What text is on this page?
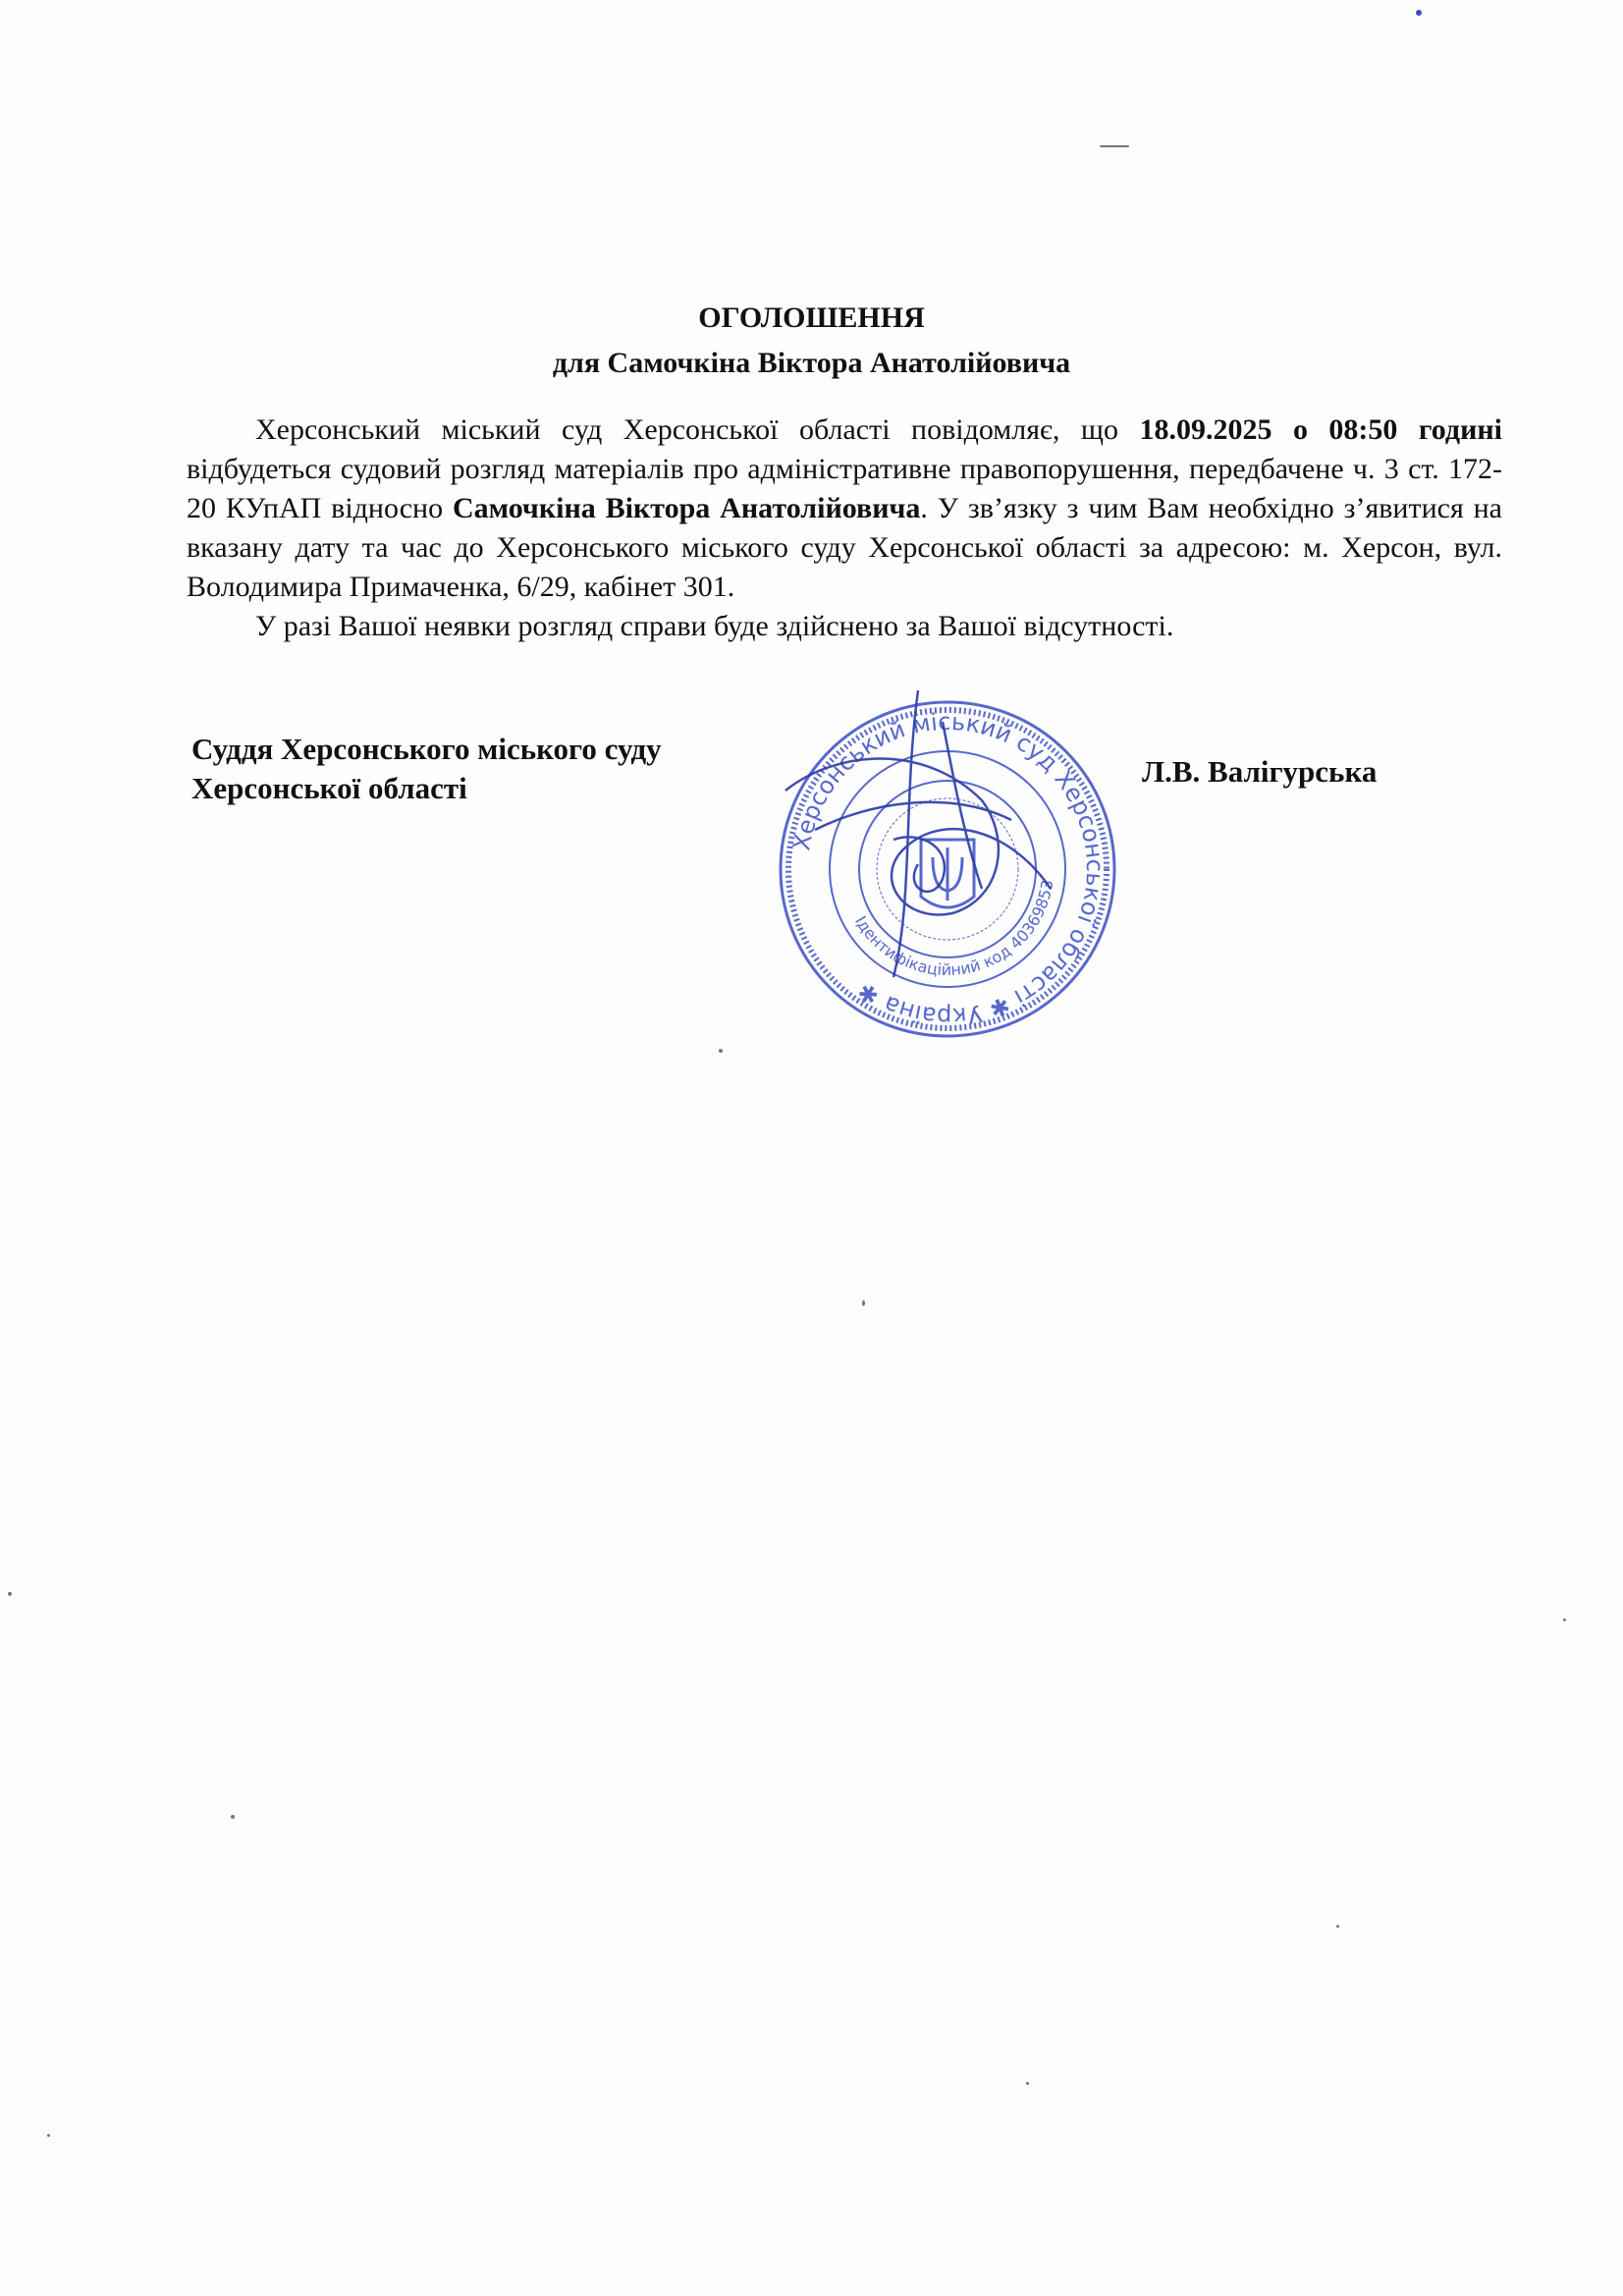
ОГОЛОШЕННЯ
для Самочкіна Віктора Анатолійовича

Херсонський міський суд Херсонської області повідомляє, що 18.09.2025 о 08:50 годині відбудеться судовий розгляд матеріалів про адміністративне правопорушення, передбачене ч. 3 ст. 172-20 КУпАП відносно Самочкіна Віктора Анатолійовича. У зв’язку з чим Вам необхідно з’явитися на вказану дату та час до Херсонського міського суду Херсонської області за адресою: м. Херсон, вул. Володимира Примаченка, 6/29, кабінет 301.

У разі Вашої неявки розгляд справи буде здійснено за Вашої відсутності.

Суддя Херсонського міського суду
Херсонської області	Л.В. Валігурська
Херсонський міський суд Херсонської області ✱ Україна ✱
Ідентифікаційний код 40369853
